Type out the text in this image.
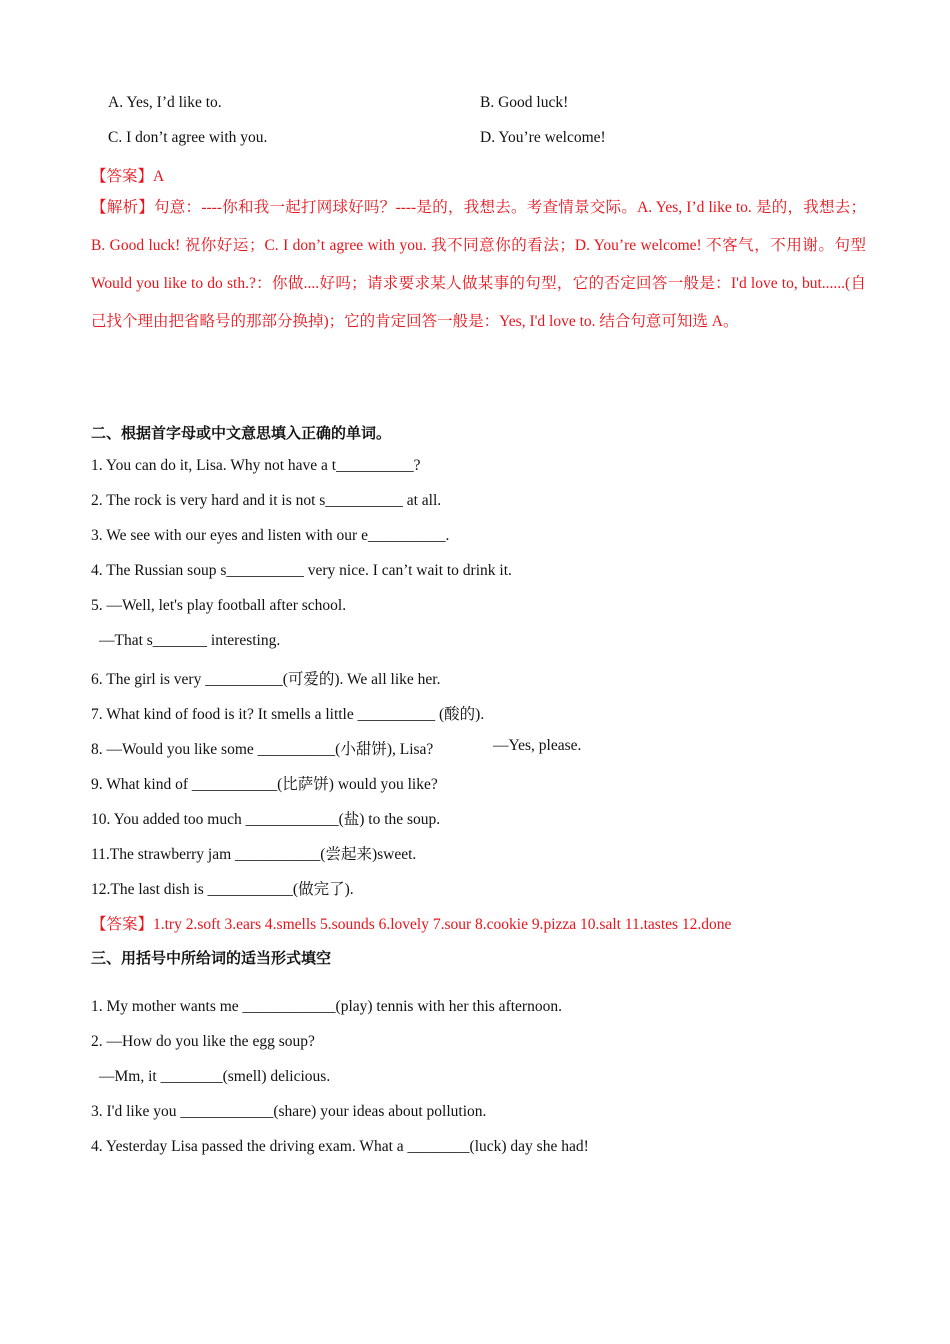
A. Yes, I’d like to.	B. Good luck!
C. I don’t agree with you.	D. You’re welcome!
【答案】A
【解析】句意：----你和我一起打网球好吗？----是的，我想去。考查情景交际。A. Yes, I’d like to. 是的，我想去；B. Good luck! 祝你好运；C. I don’t agree with you. 我不同意你的看法；D. You’re welcome! 不客气，不用谢。句型 Would you like to do sth.?：你做....好吗；请求要求某人做某事的句型，它的否定回答一般是：I'd love to, but......(自己找个理由把省略号的那部分换掉)；它的肯定回答一般是：Yes, I'd love to. 结合句意可知选 A。
二、根据首字母或中文意思填入正确的单词。
1. You can do it, Lisa. Why not have a t__________?
2. The rock is very hard and it is not s__________ at all.
3. We see with our eyes and listen with our e__________.
4. The Russian soup s__________ very nice. I can’t wait to drink it.
5. —Well, let's play football after school.
—That s_______ interesting.
6. The girl is very __________(可爱的). We all like her.
7. What kind of food is it? It smells a little __________ (酸的).
8. —Would you like some __________(小甜饼), Lisa?	—Yes, please.
9. What kind of ___________(比萨饼) would you like?
10. You added too much ____________(盐) to the soup.
11.The strawberry jam ___________(尝起来)sweet.
12.The last dish is ___________(做完了).
【答案】1.try 2.soft 3.ears 4.smells 5.sounds 6.lovely 7.sour 8.cookie 9.pizza 10.salt 11.tastes 12.done
三、用括号中所给词的适当形式填空
1. My mother wants me ____________(play) tennis with her this afternoon.
2. —How do you like the egg soup?
—Mm, it ________(smell) delicious.
3. I'd like you ____________(share) your ideas about pollution.
4. Yesterday Lisa passed the driving exam. What a ________(luck) day she had!
